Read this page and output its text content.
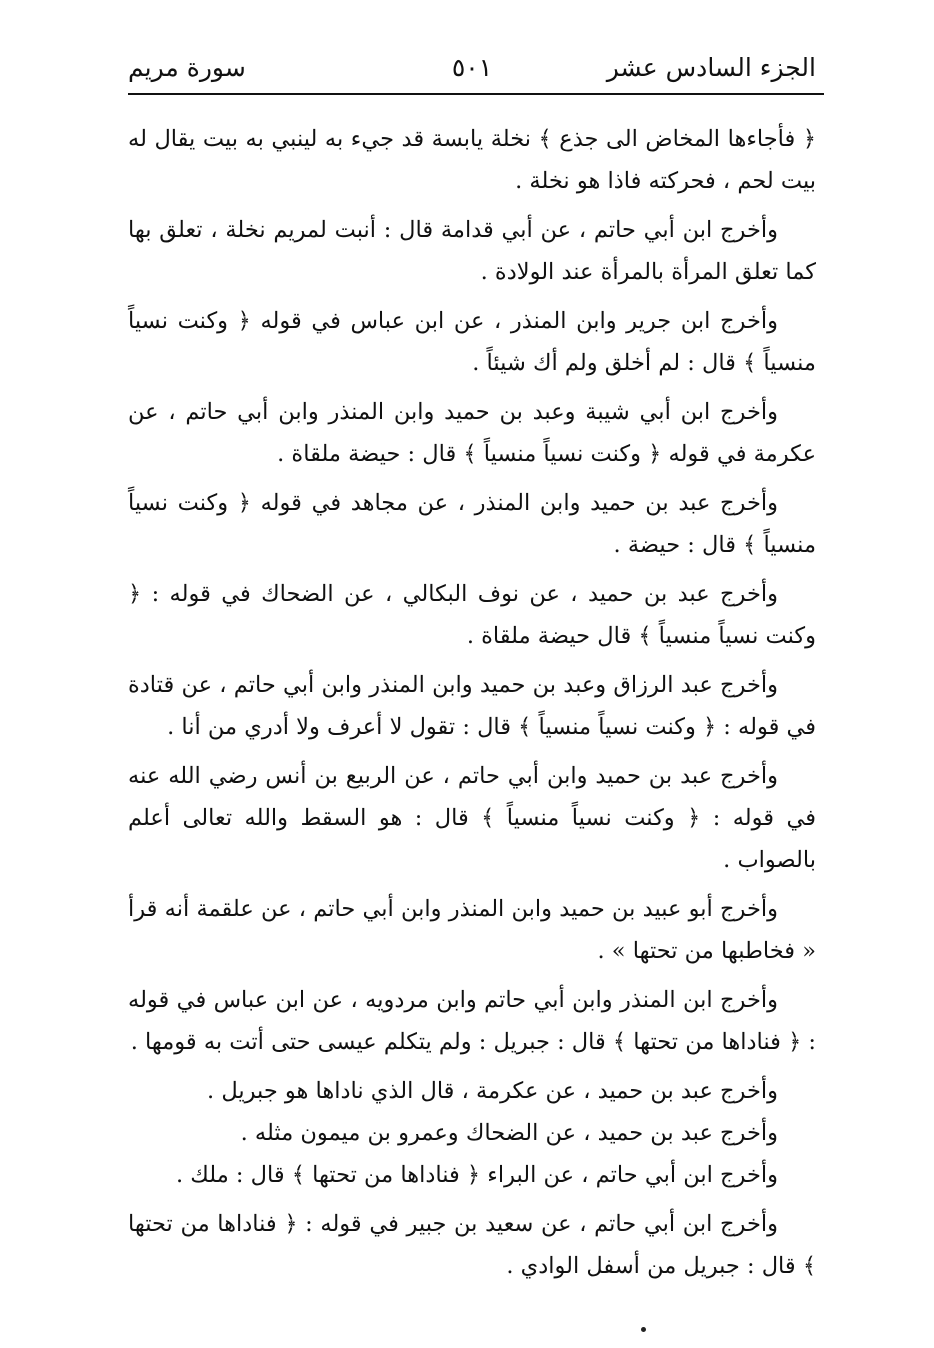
الجزء السادس عشر
٥٠١
سورة مريم

﴿ فأجاءها المخاض الى جذع ﴾ نخلة يابسة قد جيء به لينبي به بيت يقال له بيت لحم ، فحركته فاذا هو نخلة .

وأخرج ابن أبي حاتم ، عن أبي قدامة قال : أنبت لمريم نخلة ، تعلق بها كما تعلق المرأة بالمرأة عند الولادة .

وأخرج ابن جرير وابن المنذر ، عن ابن عباس في قوله ﴿ وكنت نسياً منسياً ﴾ قال : لم أخلق ولم أك شيئاً .

وأخرج ابن أبي شيبة وعبد بن حميد وابن المنذر وابن أبي حاتم ، عن عكرمة في قوله ﴿ وكنت نسياً منسياً ﴾ قال : حيضة ملقاة .

وأخرج عبد بن حميد وابن المنذر ، عن مجاهد في قوله ﴿ وكنت نسياً منسياً ﴾ قال : حيضة .

وأخرج عبد بن حميد ، عن نوف البكالي ، عن الضحاك في قوله : ﴿ وكنت نسياً منسياً ﴾ قال حيضة ملقاة .

وأخرج عبد الرزاق وعبد بن حميد وابن المنذر وابن أبي حاتم ، عن قتادة في قوله : ﴿ وكنت نسياً منسياً ﴾ قال : تقول لا أعرف ولا أدري من أنا .

وأخرج عبد بن حميد وابن أبي حاتم ، عن الربيع بن أنس رضي الله عنه في قوله : ﴿ وكنت نسياً منسياً ﴾ قال : هو السقط والله تعالى أعلم بالصواب .

وأخرج أبو عبيد بن حميد وابن المنذر وابن أبي حاتم ، عن علقمة أنه قرأ « فخاطبها من تحتها » .

وأخرج ابن المنذر وابن أبي حاتم وابن مردويه ، عن ابن عباس في قوله : ﴿ فناداها من تحتها ﴾ قال : جبريل : ولم يتكلم عيسى حتى أتت به قومها .

وأخرج عبد بن حميد ، عن عكرمة ، قال الذي ناداها هو جبريل .

وأخرج عبد بن حميد ، عن الضحاك وعمرو بن ميمون مثله .

وأخرج ابن أبي حاتم ، عن البراء ﴿ فناداها من تحتها ﴾ قال : ملك .

وأخرج ابن أبي حاتم ، عن سعيد بن جبير في قوله : ﴿ فناداها من تحتها ﴾ قال : جبريل من أسفل الوادي .
